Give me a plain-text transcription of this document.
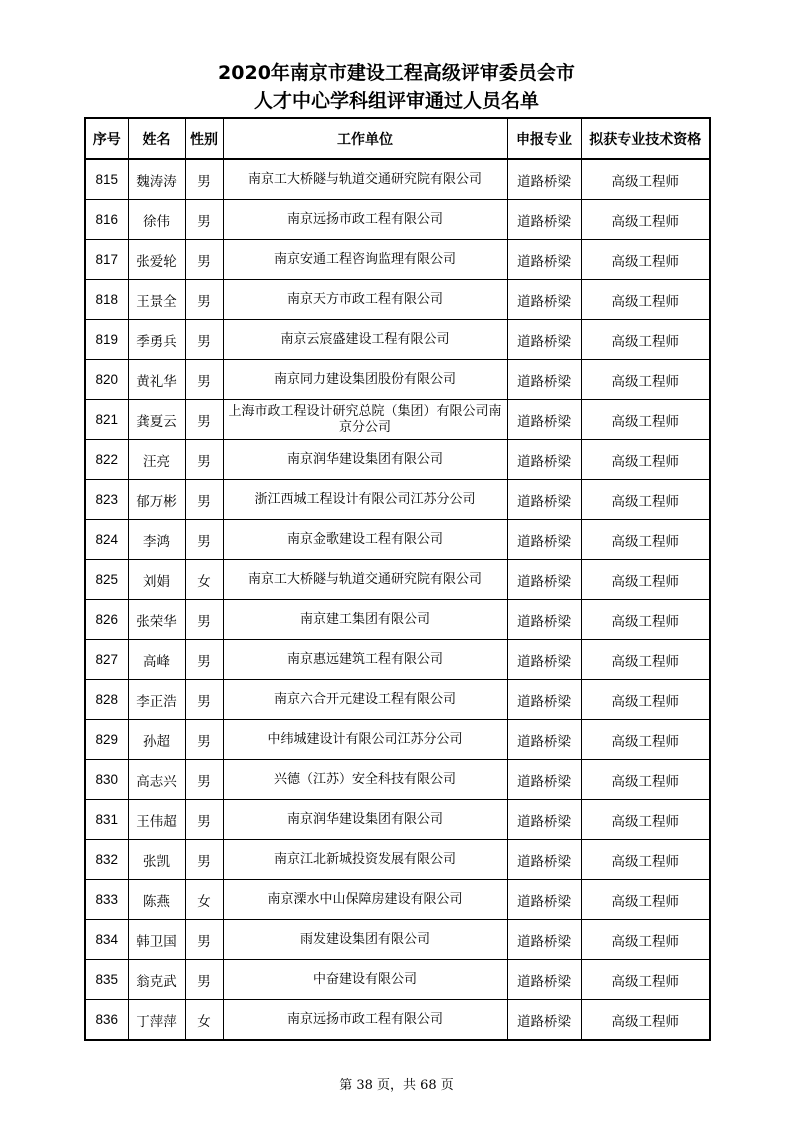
2020年南京市建设工程高级评审委员会市
人才中心学科组评审通过人员名单
序号	姓名	性别	工作单位	申报专业	拟获专业技术资格
815	魏涛涛	男	南京工大桥隧与轨道交通研究院有限公司	道路桥梁	高级工程师
816	徐伟	男	南京远扬市政工程有限公司	道路桥梁	高级工程师
817	张爱轮	男	南京安通工程咨询监理有限公司	道路桥梁	高级工程师
818	王景全	男	南京天方市政工程有限公司	道路桥梁	高级工程师
819	季勇兵	男	南京云宸盛建设工程有限公司	道路桥梁	高级工程师
820	黄礼华	男	南京同力建设集团股份有限公司	道路桥梁	高级工程师
821	龚夏云	男	上海市政工程设计研究总院（集团）有限公司南京分公司	道路桥梁	高级工程师
822	汪亮	男	南京润华建设集团有限公司	道路桥梁	高级工程师
823	郁万彬	男	浙江西城工程设计有限公司江苏分公司	道路桥梁	高级工程师
824	李鸿	男	南京金歌建设工程有限公司	道路桥梁	高级工程师
825	刘娟	女	南京工大桥隧与轨道交通研究院有限公司	道路桥梁	高级工程师
826	张荣华	男	南京建工集团有限公司	道路桥梁	高级工程师
827	高峰	男	南京惠远建筑工程有限公司	道路桥梁	高级工程师
828	李正浩	男	南京六合开元建设工程有限公司	道路桥梁	高级工程师
829	孙超	男	中纬城建设计有限公司江苏分公司	道路桥梁	高级工程师
830	高志兴	男	兴德（江苏）安全科技有限公司	道路桥梁	高级工程师
831	王伟超	男	南京润华建设集团有限公司	道路桥梁	高级工程师
832	张凯	男	南京江北新城投资发展有限公司	道路桥梁	高级工程师
833	陈燕	女	南京溧水中山保障房建设有限公司	道路桥梁	高级工程师
834	韩卫国	男	雨发建设集团有限公司	道路桥梁	高级工程师
835	翁克武	男	中奋建设有限公司	道路桥梁	高级工程师
836	丁萍萍	女	南京远扬市政工程有限公司	道路桥梁	高级工程师
第 38 页，共 68 页
